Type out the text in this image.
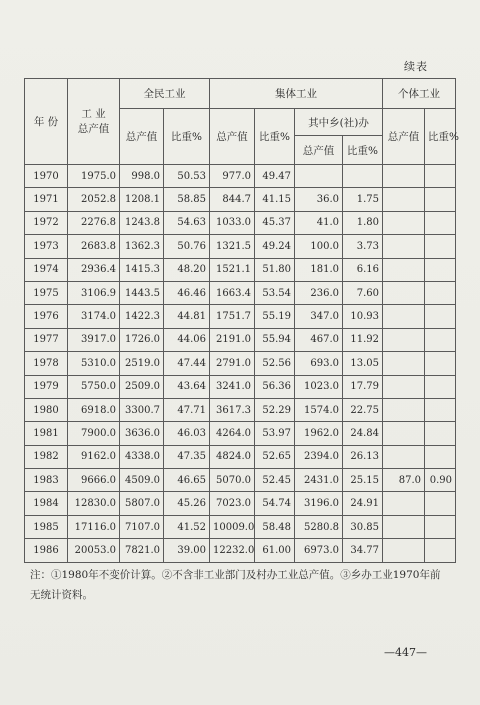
续表
年 份	工 业
总产值	全民工业		集体工业				个体工业	
		总产值	比重%	总产值	比重%	其中乡(社)办		总产值	比重%
						总产值	比重%		
1970	1975.0	998.0	50.53	977.0	49.47				
1971	2052.8	1208.1	58.85	844.7	41.15	36.0	1.75		
1972	2276.8	1243.8	54.63	1033.0	45.37	41.0	1.80		
1973	2683.8	1362.3	50.76	1321.5	49.24	100.0	3.73		
1974	2936.4	1415.3	48.20	1521.1	51.80	181.0	6.16		
1975	3106.9	1443.5	46.46	1663.4	53.54	236.0	7.60		
1976	3174.0	1422.3	44.81	1751.7	55.19	347.0	10.93		
1977	3917.0	1726.0	44.06	2191.0	55.94	467.0	11.92		
1978	5310.0	2519.0	47.44	2791.0	52.56	693.0	13.05		
1979	5750.0	2509.0	43.64	3241.0	56.36	1023.0	17.79		
1980	6918.0	3300.7	47.71	3617.3	52.29	1574.0	22.75		
1981	7900.0	3636.0	46.03	4264.0	53.97	1962.0	24.84		
1982	9162.0	4338.0	47.35	4824.0	52.65	2394.0	26.13		
1983	9666.0	4509.0	46.65	5070.0	52.45	2431.0	25.15	87.0	0.90
1984	12830.0	5807.0	45.26	7023.0	54.74	3196.0	24.91		
1985	17116.0	7107.0	41.52	10009.0	58.48	5280.8	30.85		
1986	20053.0	7821.0	39.00	12232.0	61.00	6973.0	34.77		
注：①1980年不变价计算。②不含非工业部门及村办工业总产值。③乡办工业1970年前无统计资料。
—447—
